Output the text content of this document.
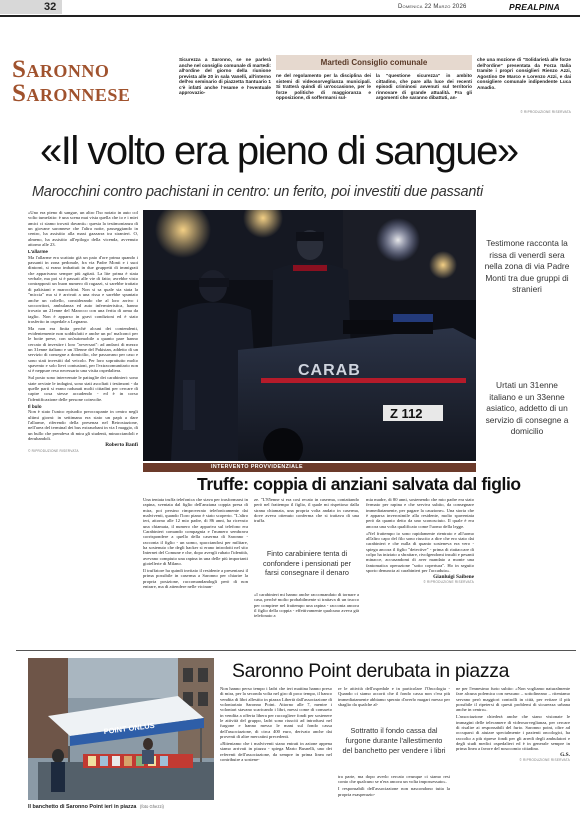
32	Domenica 22 Marzo 2026	PREALPINA
Saronno
Saronnese
Sicurezza a Saronno, se ne parlerà anche nel consiglio comunale di martedì: all'ordine del giorno della riunione prevista alle 20 in sala Vanelli, all'interno dell'ex seminario di piazzetta Santuario 1 c'è infatti anche l'esame e l'eventuale approvazio-
Martedì Consiglio comunale
ne del regolamento per la disciplina dei sistemi di videosorveglianza municipali. Si tratterà quindi di un'occasione, per le forze politiche di maggioranza e opposizione, di soffermarsi sul-
la "questione sicurezza" in ambito cittadino, che pare alla luce dei recenti episodi criminosi avvenuti sul territorio rinnovare di grande attualità. Fra gli argomenti che saranno dibattuti, an-
che una mozione di "Solidarietà alle forze dell'ordine" presentata da Forza Italia tramite i propri consiglieri Rienzo Azzi, Agostino De Marco e Lorenzo Azzi, e dai consigliere comunale indipendente Luca Amadio.
© RIPRODUZIONE RISERVATA
«Il volto era pieno di sangue»
Marocchini contro pachistani in centro: un ferito, poi investiti due passanti

«Uno era pieno di sangue, un altro l'ho notato in auto col volto tumefatto: è una scena mai vista quella che io e i miei amici ci siamo trovati davanti»: questa la testimonianza di un giovane saronnese che l'altra notte, passeggiando in centro, ha assistito alla maxi gazzarra tra stranieri. O, almeno, ha assistito all'epilogo della vicenda, avvenuto attorno alle 23.

L'allarme

Ma l'allarme era scattato già un paio d'ore prima quando i passanti in zona pedonale, fra via Padre Monti e i suoi dintorni, si erano imbattuti in due gruppetti di immigrati che apparivano sempre più agitati. La lite prima è stata verbale, ma poi si è passati alle vie di fatto; avrebbe visto contrapposti un buon numero di ragazzi, si sarebbe trattato di pakistani e marocchini. Non si sa quale sia stata la "miccia" ma si è arrivati a una rissa e sarebbe spuntato anche un coltello, considerando che al loro arrivo i soccorritori, ambulanza ed auto infermieristica, hanno trovato un 21enne del Marocco con una ferita di arma da taglio. Non è apparso in gravi condizioni ed è stato trasferito in ospedale a Legnano.

Ma non era finita perché alcuni dei contendenti, evidentemente non soddisfatti e anche un po' malconci per le botte prese, con un'automobile a quanto pare hanno cercato di investire i loro "avversari": ad andarci di mezzo un 31enne italiano e un 33enne del Pakistan, addetto di un servizio di consegne a domicilio, che passavano per caso e sono stati investiti dal veicolo. Per loro soprattutto molto spavento e solo lievi contusioni, per l'extracomunitario non si è neppure reso necessario una visita ospedaliera.

Sul posto sono intervenute le pattuglie dei carabinieri: sono state avviate le indagini, sono stati ascoltati i testimoni - da quelle parti si erano radunati molti cittadini per cercare di capire cosa stesse accadendo - ed è in corso l'identificazione delle persone coinvolte.

Il bulo

Non è stato l'unico episodio preoccupante in centro negli ultimi giorni: in settimana era stato un papà a dare l'allarme, riferendo della presenza nel Retrostazione, nell'area del terminal dei bus extraurbani in via I maggio, di un bullo che prendeva di mira gli studenti, minacciandoli e derubandoli.

Roberto Banfi
© RIPRODUZIONE RISERVATA
CARAB
Z 112
Testimone racconta la rissa di venerdì sera nella zona di via Padre Monti tra due gruppi di stranieri
Urtati un 31enne italiano e un 33enne asiatico, addetto di un servizio di consegne a domicilio
INTERVENTO PROVVIDENZIALE
Truffe: coppia di anziani salvata dal figlio

Una tentata truffa telefonica che stava per trasformarsi in rapina, sventata dal figlio dell'anziana coppia presa di mira, poi persino rimproverato telefonicamente dai malviventi, quando l'loro piano è stato scoperto. "L'altro ieri, attorno alle 12 mio padre, di 86 anni, ha ricevuto una chiamata, il numero che appariva sul telefono era Carabinieri comando compagnia e l'numero sembrava corrispondere a quello della caserma di Saronno - racconta il figlio - un uomo, spacciandosi per militare, ha sostenuto che degli hacker si erano introdotti nel sito Internet del Comune e che, dopo avergli rubato l'identità, avevano compiuto una rapina in una delle più importanti gioiellerie di Milano.

Il truffatore ha quindi invitato il residente a presentarsi il prima possibile in caserma a Saronno per chiarire la propria posizione, raccomandandogli però di non entrare, ma di attendere nelle vicinan-

ze. "L'85enne si era così recato in caserma, contattando però nel frattempo il figlio, il quale mi rispettoso dalla strana chiamata, una propria volta andato in caserma, dove aveva ottenuto conferma che si trattava di una truffa.

Finto carabiniere tenta di confondere i pensionati per farsi consegnare il denaro
«I carabinieri mi hanno anche raccomandato di tornare a casa, perché molto probabilmente si trattava di un trucco per compiere nel frattempo una rapina - racconta ancora il figlio della coppia - effettivamente qualcuno aveva già telefonato a

mia madre, di 80 anni, sostenendo che mio padre era stato fermato per rapina e che serviva subito, da consegnare immediatamente, per pagare la cauzione». Una storia che è apparsa inverosimile alla residente, molto spaventata però da quanto detto da uno sconosciuto. Il quale è era ancora una volta qualificato come l'uomo della legge.

«Nel frattempo io sono rapidamente rientrato e all'uomo all'altro capo del filo sono riuscito a dire che ero stato dai carabinieri e che nulla di quanto sosteneva era vero - spiega ancora il figlio "detective" - prima di riattaccare di colpo ha iniziato a sbraitare, rivolgendomi insulti e pesanti minacce, accusandomi di aver mandato a monte una fantomatica operazione "sotto copertura". Ho in seguito sporto denuncia ai carabinieri per l'accaduto».

Gianluigi Saibene
© RIPRODUZIONE RISERVATA
POINT ONLUS
Il banchetto di Saronno Point ieri in piazza (foto Ghezzi)
Saronno Point derubata in piazza

Non hanno perso tempo i ladri che ieri mattina hanno preso di mira, per la seconda volta nel giro di poco tempo, il banco vendita di libri allestito in piazza Libertà dall'associazione di volontariato Saronno Point. Attorno alle 7, mentre i volontari stavano scaricando i libri, messi come di consueto in vendita a offerta libera per raccogliere fondi per sostenere le attività del gruppo, ladri sono riusciti ad introdursi nel furgone e hanno messo le mani sul fondo cassa dell'associazione, di circa 400 euro, derivato anche dai proventi di altre mercatini precedenti.

«Riteniamo che i malviventi siano entrati in azione appena siamo arrivati in piazza - spiega Mario Busnelli, uno dei referenti dell'associazione, da sempre in prima linea nel contribuire a sostene-

re le attività dell'ospedale e in particolare l'Oncologia - Quando ci siamo accorti che il fondo cassa non c'era più immediatamente abbiamo sperato d'averlo magari messo per sbaglio da qualche al-

Sottratto il fondo cassa dal furgone durante l'allestimento del banchetto per vendere i libri

tra parte, ma dopo averlo cercato ovunque ci siamo resi conto che qualcuno se n'era ancora un volta impossessato».

I responsabili dell'associazione non nascondono tutta la propria esasperazio-

ne per l'ennesimo furto subito: «Non vogliamo naturalmente fare alcuna polemica con nessuno – sottolineano – riteniamo servano però maggiori controlli in città, per evitare il più possibile il ripetersi di questi problemi di sicurezza urbana anche in centro».

L'associazione chiederà anche che siano visionate le immagini delle telecamere di videosorveglianza, per cercare di risalire ai responsabili del furto. Saronno point, oltre ad occuparsi di aiutare specialmente i pazienti oncologici, ha raccolto a più riprese fondi per gli arredi degli ambulatori e degli studi medici ospedalieri ed è in generale sempre in prima linea a favore del nosocomio cittadino.

G.S.
© RIPRODUZIONE RISERVATA
